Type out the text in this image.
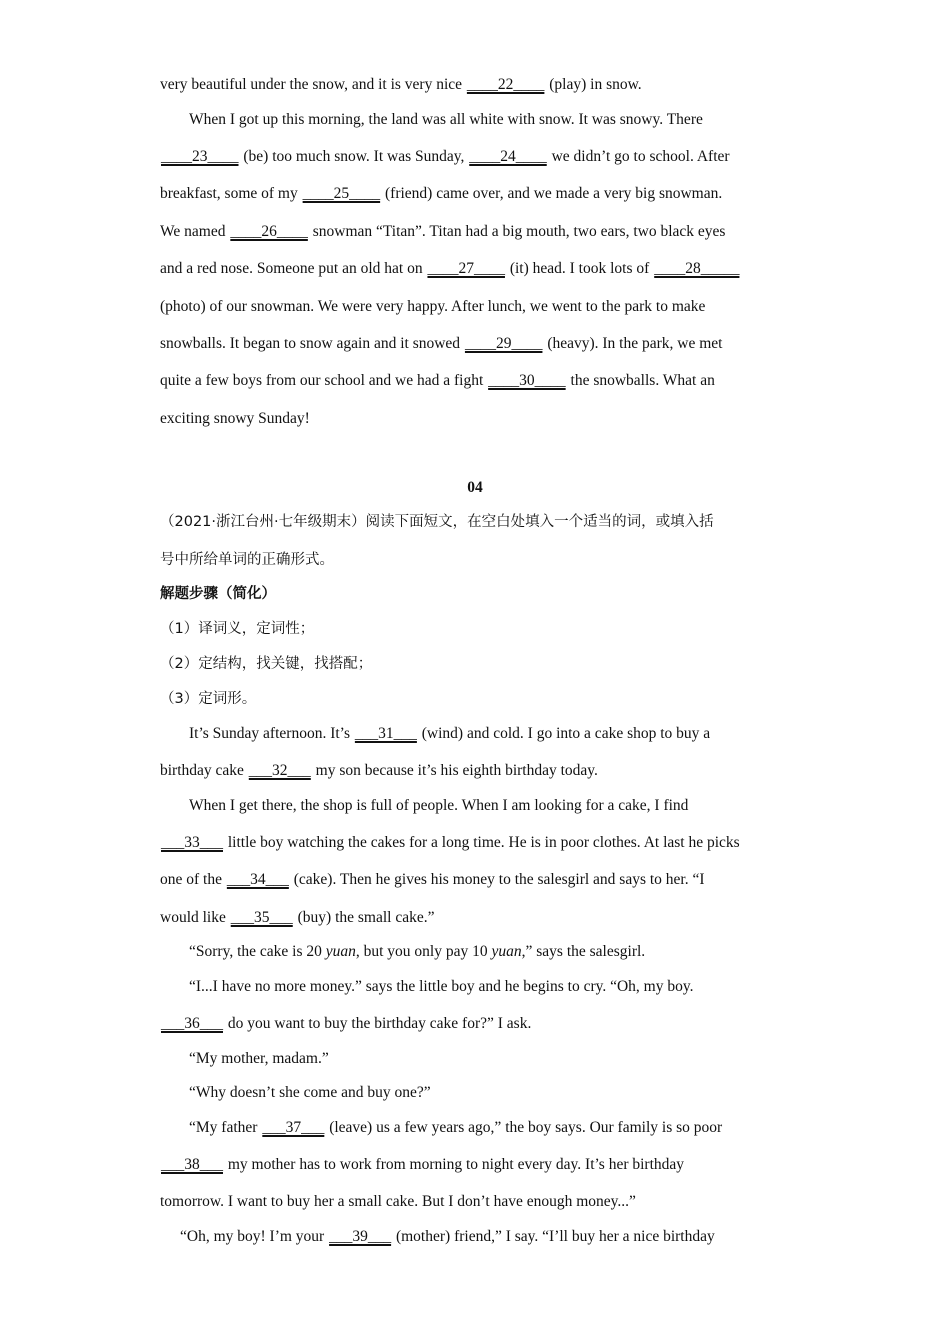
very beautiful under the snow, and it is very nice ____22____ (play) in snow.
When I got up this morning, the land was all white with snow. It was snowy. There
____23____ (be) too much snow. It was Sunday, ____24____ we didn’t go to school. After
breakfast, some of my ____25____ (friend) came over, and we made a very big snowman.
We named ____26____ snowman “Titan”. Titan had a big mouth, two ears, two black eyes
and a red nose. Someone put an old hat on ____27____ (it) head. I took lots of ____28_____
(photo) of our snowman. We were very happy. After lunch, we went to the park to make
snowballs. It began to snow again and it snowed ____29____ (heavy). In the park, we met
quite a few boys from our school and we had a fight ____30____ the snowballs. What an
exciting snowy Sunday!
04
（2021·浙江台州·七年级期末）阅读下面短文，在空白处填入一个适当的词，或填入括
号中所给单词的正确形式。
解题步骤（简化）
（1）译词义，定词性；
（2）定结构，找关键，找搭配；
（3）定词形。
It’s Sunday afternoon. It’s ___31___ (wind) and cold. I go into a cake shop to buy a
birthday cake ___32___ my son because it’s his eighth birthday today.
When I get there, the shop is full of people. When I am looking for a cake, I find
___33___ little boy watching the cakes for a long time. He is in poor clothes. At last he picks
one of the ___34___ (cake). Then he gives his money to the salesgirl and says to her. “I
would like ___35___ (buy) the small cake.”
“Sorry, the cake is 20 yuan, but you only pay 10 yuan,” says the salesgirl.
“I...I have no more money.” says the little boy and he begins to cry. “Oh, my boy.
___36___ do you want to buy the birthday cake for?” I ask.
“My mother, madam.”
“Why doesn’t she come and buy one?”
“My father ___37___ (leave) us a few years ago,” the boy says. Our family is so poor
___38___ my mother has to work from morning to night every day. It’s her birthday
tomorrow. I want to buy her a small cake. But I don’t have enough money...”
“Oh, my boy! I’m your ___39___ (mother) friend,” I say. “I’ll buy her a nice birthday
